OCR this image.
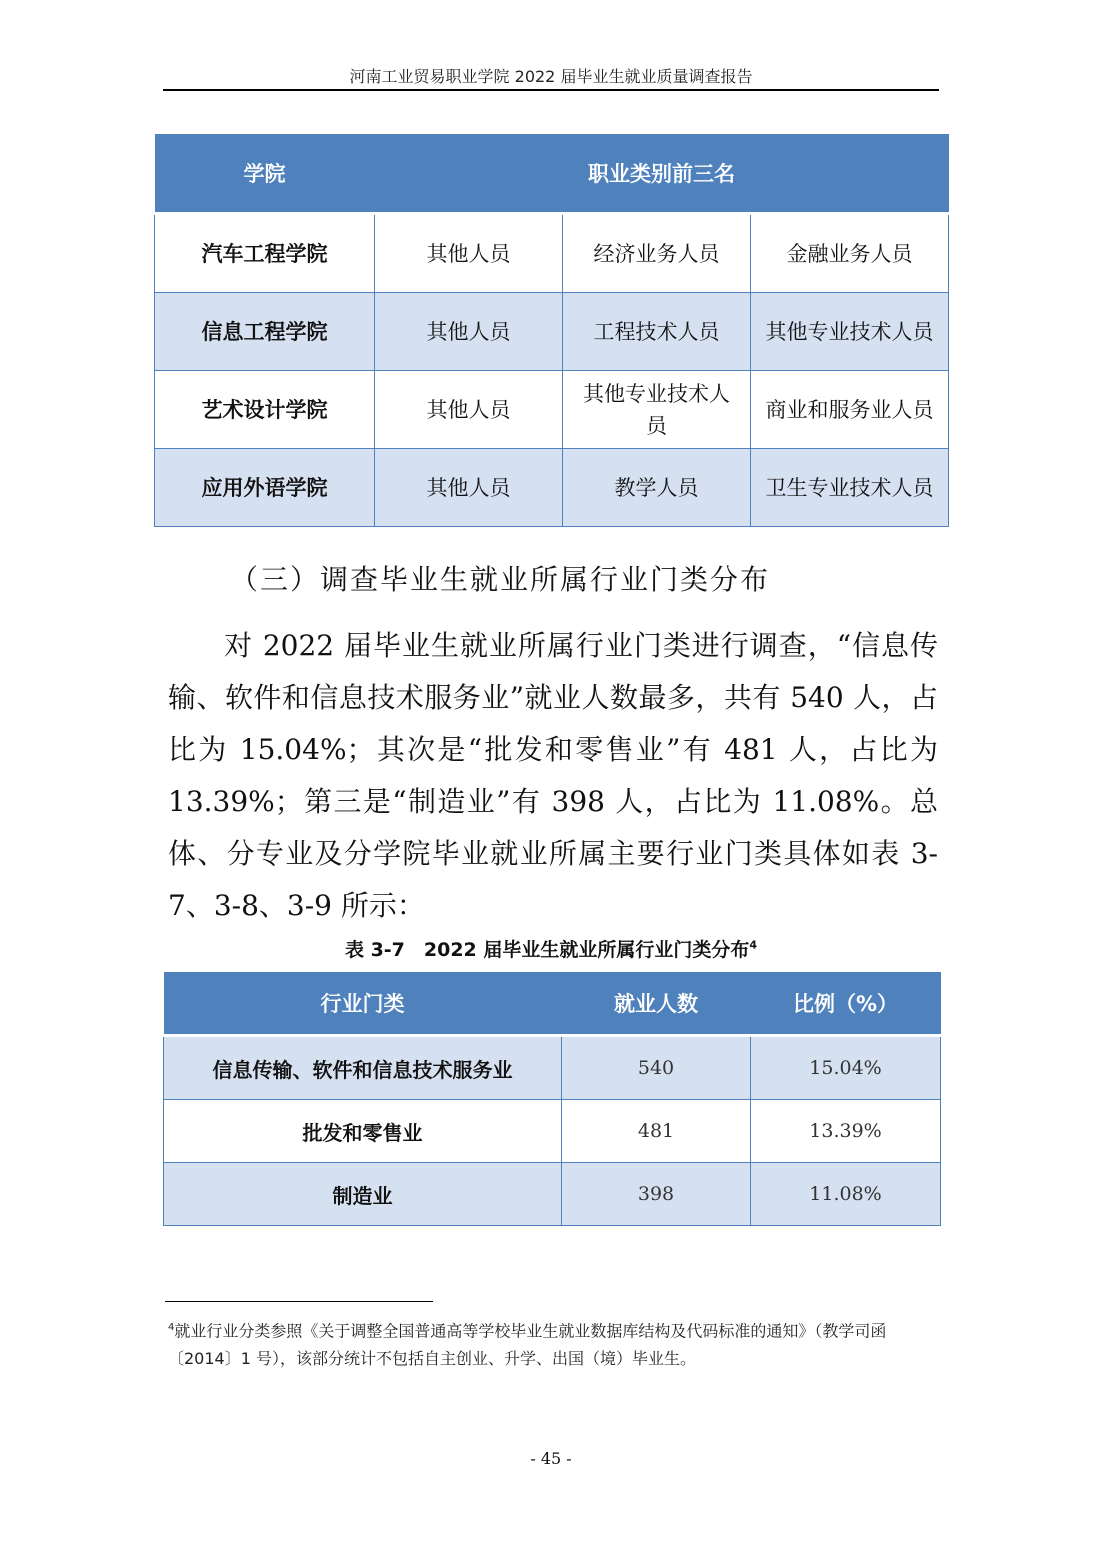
河南工业贸易职业学院 2022 届毕业生就业质量调查报告
学院	职业类别前三名		
汽车工程学院	其他人员	经济业务人员	金融业务人员
信息工程学院	其他人员	工程技术人员	其他专业技术人员
艺术设计学院	其他人员	其他专业技术人员	商业和服务业人员
应用外语学院	其他人员	教学人员	卫生专业技术人员
（三）调查毕业生就业所属行业门类分布

对 2022 届毕业生就业所属行业门类进行调查，“信息传输、软件和信息技术服务业”就业人数最多，共有 540 人，占比为 15.04%；其次是“批发和零售业”有 481 人，占比为 13.39%；第三是“制造业”有 398 人，占比为 11.08%。总体、分专业及分学院毕业就业所属主要行业门类具体如表 3-7、3-8、3-9 所示：

表 3-7　2022 届毕业生就业所属行业门类分布$^4$
行业门类	就业人数	比例（%）
信息传输、软件和信息技术服务业	540	15.04%
批发和零售业	481	13.39%
制造业	398	11.08%
$^4$就业行业分类参照《关于调整全国普通高等学校毕业生就业数据库结构及代码标准的通知》（教学司函〔2014〕1 号），该部分统计不包括自主创业、升学、出国（境）毕业生。
- 45 -
